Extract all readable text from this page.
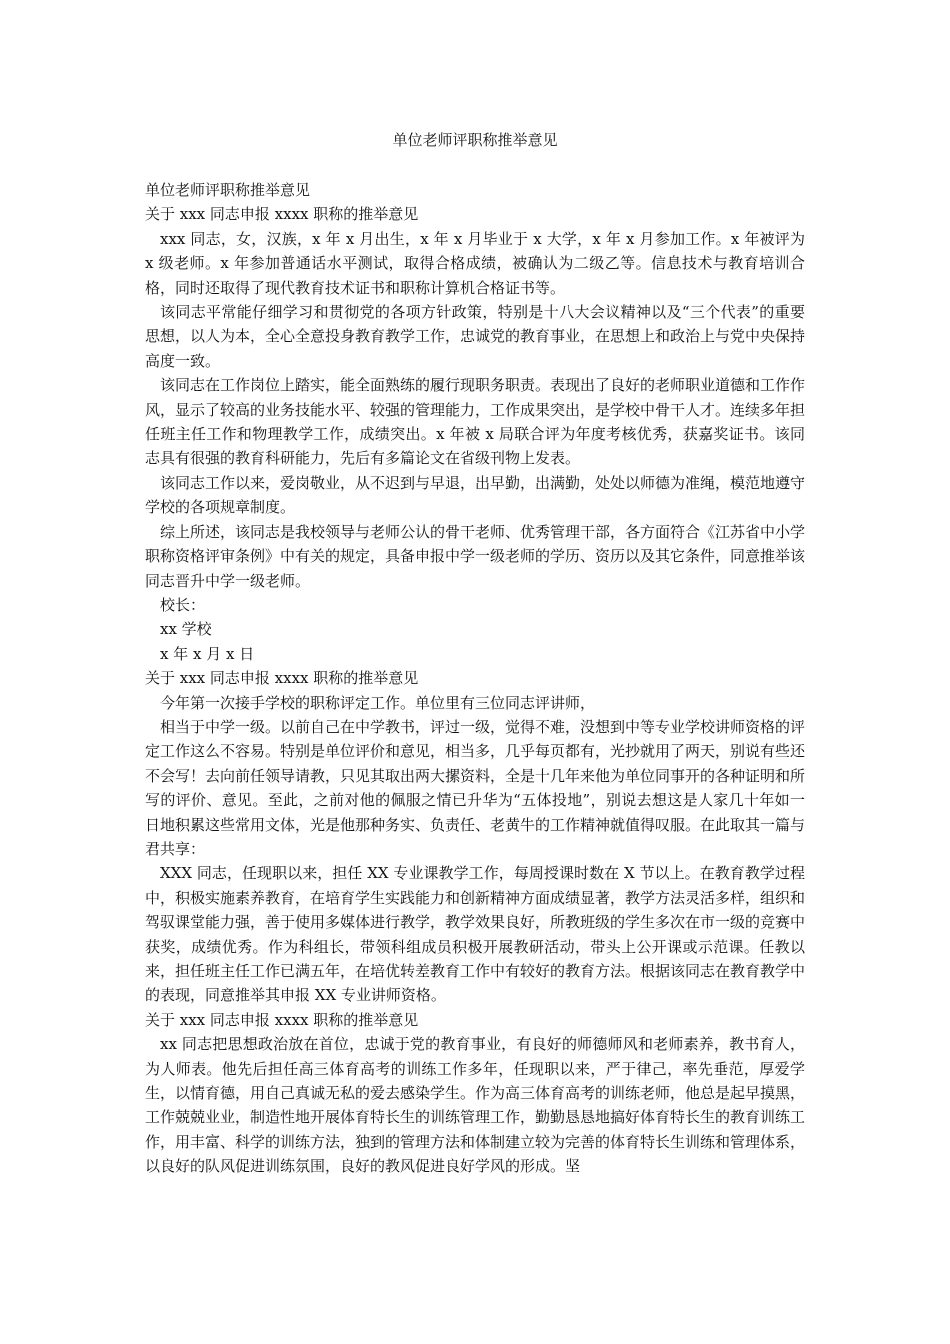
单位老师评职称推举意见

单位老师评职称推举意见

关于 xxx 同志申报 xxxx 职称的推举意见

xxx 同志，女，汉族，x 年 x 月出生，x 年 x 月毕业于 x 大学，x 年 x 月参加工作。x 年被评为 x 级老师。x 年参加普通话水平测试，取得合格成绩，被确认为二级乙等。信息技术与教育培训合格，同时还取得了现代教育技术证书和职称计算机合格证书等。

该同志平常能仔细学习和贯彻党的各项方针政策，特别是十八大会议精神以及“三个代表”的重要思想，以人为本，全心全意投身教育教学工作，忠诚党的教育事业，在思想上和政治上与党中央保持高度一致。

该同志在工作岗位上踏实，能全面熟练的履行现职务职责。表现出了良好的老师职业道德和工作作风，显示了较高的业务技能水平、较强的管理能力，工作成果突出，是学校中骨干人才。连续多年担任班主任工作和物理教学工作，成绩突出。x 年被 x 局联合评为年度考核优秀，获嘉奖证书。该同志具有很强的教育科研能力，先后有多篇论文在省级刊物上发表。

该同志工作以来，爱岗敬业，从不迟到与早退，出早勤，出满勤，处处以师德为准绳，模范地遵守学校的各项规章制度。

综上所述，该同志是我校领导与老师公认的骨干老师、优秀管理干部，各方面符合《江苏省中小学职称资格评审条例》中有关的规定，具备申报中学一级老师的学历、资历以及其它条件，同意推举该同志晋升中学一级老师。

校长：

xx 学校

x 年 x 月 x 日

关于 xxx 同志申报 xxxx 职称的推举意见

今年第一次接手学校的职称评定工作。单位里有三位同志评讲师，

相当于中学一级。以前自己在中学教书，评过一级，觉得不难，没想到中等专业学校讲师资格的评定工作这么不容易。特别是单位评价和意见，相当多，几乎每页都有，光抄就用了两天，别说有些还不会写！去向前任领导请教，只见其取出两大摞资料，全是十几年来他为单位同事开的各种证明和所写的评价、意见。至此，之前对他的佩服之情已升华为“五体投地”，别说去想这是人家几十年如一日地积累这些常用文体，光是他那种务实、负责任、老黄牛的工作精神就值得叹服。在此取其一篇与君共享：

XXX 同志，任现职以来，担任 XX 专业课教学工作，每周授课时数在 X 节以上。在教育教学过程中，积极实施素养教育，在培育学生实践能力和创新精神方面成绩显著，教学方法灵活多样，组织和驾驭课堂能力强，善于使用多媒体进行教学，教学效果良好，所教班级的学生多次在市一级的竞赛中获奖，成绩优秀。作为科组长，带领科组成员积极开展教研活动，带头上公开课或示范课。任教以来，担任班主任工作已满五年，在培优转差教育工作中有较好的教育方法。根据该同志在教育教学中的表现，同意推举其申报 XX 专业讲师资格。

关于 xxx 同志申报 xxxx 职称的推举意见

xx 同志把思想政治放在首位，忠诚于党的教育事业，有良好的师德师风和老师素养，教书育人，为人师表。他先后担任高三体育高考的训练工作多年，任现职以来，严于律己，率先垂范，厚爱学生，以情育德，用自己真诚无私的爱去感染学生。作为高三体育高考的训练老师，他总是起早摸黑，工作兢兢业业，制造性地开展体育特长生的训练管理工作，勤勤恳恳地搞好体育特长生的教育训练工作，用丰富、科学的训练方法，独到的管理方法和体制建立较为完善的体育特长生训练和管理体系，以良好的队风促进训练氛围，良好的教风促进良好学风的形成。坚
